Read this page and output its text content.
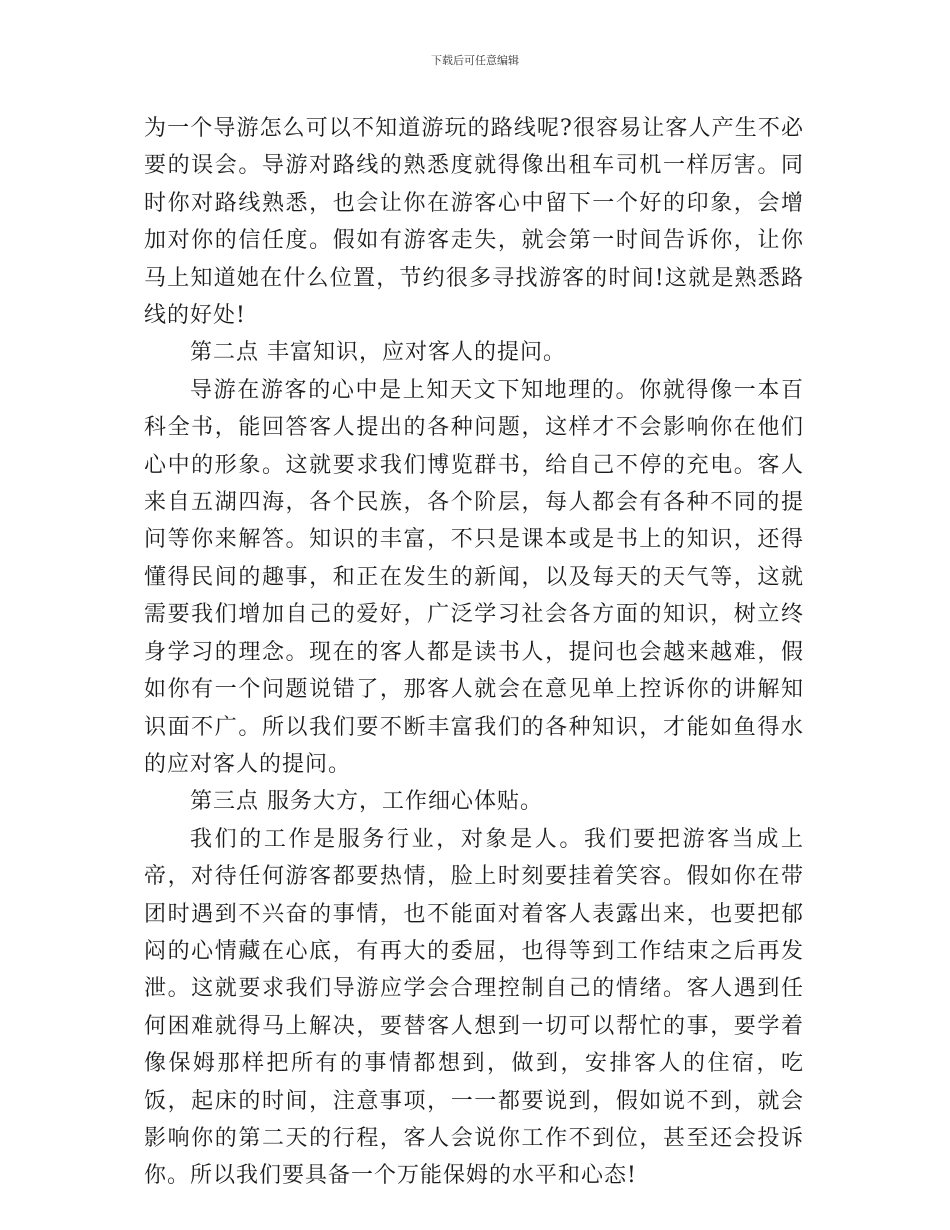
下载后可任意编辑

为一个导游怎么可以不知道游玩的路线呢?很容易让客人产生不必要的误会。导游对路线的熟悉度就得像出租车司机一样厉害。同时你对路线熟悉，也会让你在游客心中留下一个好的印象，会增加对你的信任度。假如有游客走失，就会第一时间告诉你，让你马上知道她在什么位置，节约很多寻找游客的时间!这就是熟悉路线的好处!

第二点 丰富知识，应对客人的提问。

导游在游客的心中是上知天文下知地理的。你就得像一本百科全书，能回答客人提出的各种问题，这样才不会影响你在他们心中的形象。这就要求我们博览群书，给自己不停的充电。客人来自五湖四海，各个民族，各个阶层，每人都会有各种不同的提问等你来解答。知识的丰富，不只是课本或是书上的知识，还得懂得民间的趣事，和正在发生的新闻，以及每天的天气等，这就需要我们增加自己的爱好，广泛学习社会各方面的知识，树立终身学习的理念。现在的客人都是读书人，提问也会越来越难，假如你有一个问题说错了，那客人就会在意见单上控诉你的讲解知识面不广。所以我们要不断丰富我们的各种知识，才能如鱼得水的应对客人的提问。

第三点 服务大方，工作细心体贴。

我们的工作是服务行业，对象是人。我们要把游客当成上帝，对待任何游客都要热情，脸上时刻要挂着笑容。假如你在带团时遇到不兴奋的事情，也不能面对着客人表露出来，也要把郁闷的心情藏在心底，有再大的委屈，也得等到工作结束之后再发泄。这就要求我们导游应学会合理控制自己的情绪。客人遇到任何困难就得马上解决，要替客人想到一切可以帮忙的事，要学着像保姆那样把所有的事情都想到，做到，安排客人的住宿，吃饭，起床的时间，注意事项，一一都要说到，假如说不到，就会影响你的第二天的行程，客人会说你工作不到位，甚至还会投诉你。所以我们要具备一个万能保姆的水平和心态!
